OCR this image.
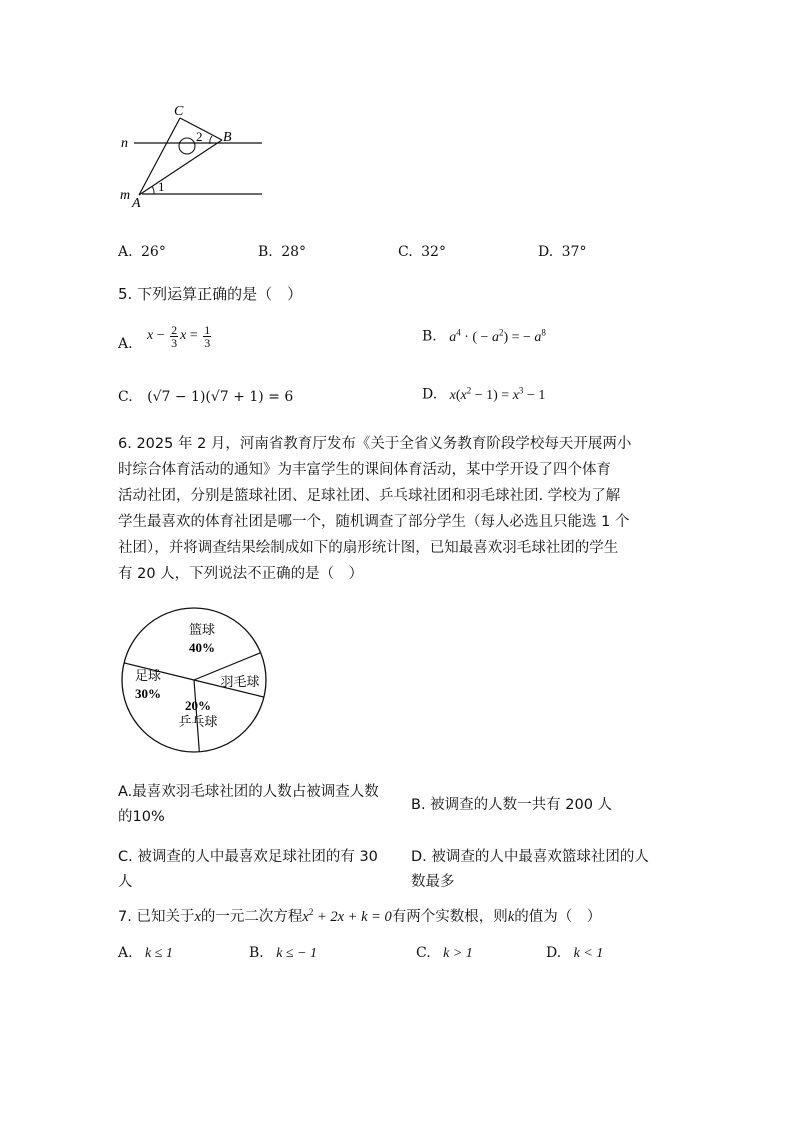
C
B
A
n
m
1
2
A. 26°	B. 28°	C. 32°	D. 37°
5. 下列运算正确的是（　）
A. $x - \frac{2}{3}$ $x = \frac{1}{3}$	B. $a^4$ · ( − $a^2$) = − $a^8$
C. (√7 − 1)(√7 + 1) = 6	D. $x(x^2 - 1) = x^3 - 1$
6. 2025 年 2 月，河南省教育厅发布《关于全省义务教育阶段学校每天开展两小
时综合体育活动的通知》为丰富学生的课间体育活动，某中学开设了四个体育
活动社团，分别是篮球社团、足球社团、乒乓球社团和羽毛球社团. 学校为了解
学生最喜欢的体育社团是哪一个，随机调查了部分学生（每人必选且只能选 1 个
社团），并将调查结果绘制成如下的扇形统计图，已知最喜欢羽毛球社团的学生
有 20 人，下列说法不正确的是（　）
篮球
40%
羽毛球
乒乓球
20%
足球
30%
A.最喜欢羽毛球社团的人数占被调查人数
的10%
B. 被调查的人数一共有 200 人
C. 被调查的人中最喜欢足球社团的有 30
人
D. 被调查的人中最喜欢篮球社团的人
数最多
7. 已知关于x的一元二次方程$x^2 + 2x + k = 0$有两个实数根，则k的值为（　）
A. k ≤ 1	B. k ≤ − 1	C. k > 1	D. k < 1
